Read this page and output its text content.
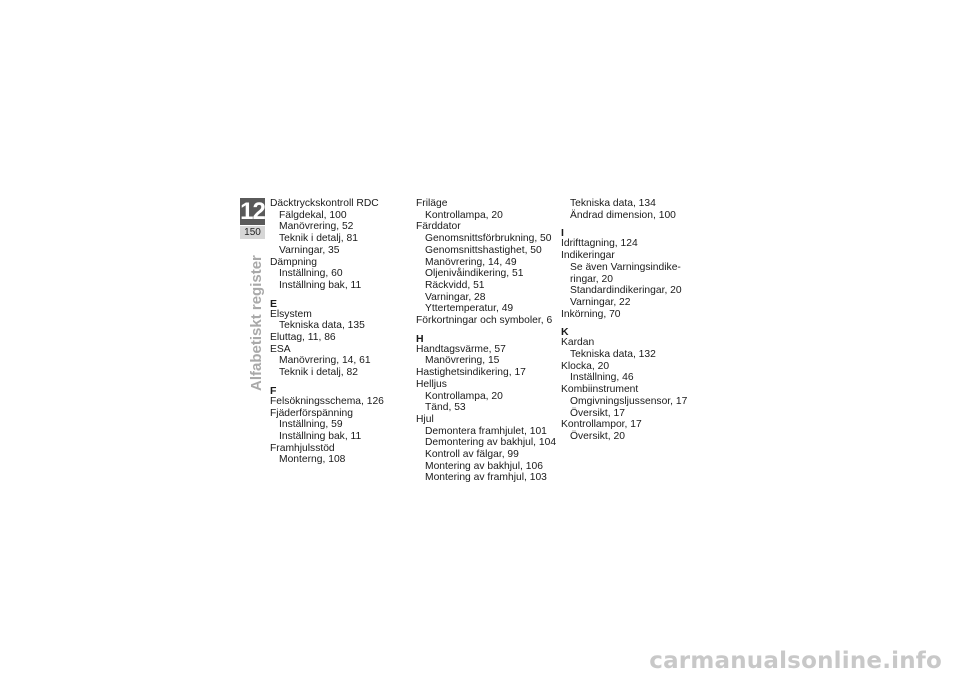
12
150
Alfabetiskt register
Däcktryckskontroll RDC
Fälgdekal, 100
Manövrering, 52
Teknik i detalj, 81
Varningar, 35
Dämpning
Inställning, 60
Inställning bak, 11
E
Elsystem
Tekniska data, 135
Eluttag, 11, 86
ESA
Manövrering, 14, 61
Teknik i detalj, 82
F
Felsökningsschema, 126
Fjäderförspänning
Inställning, 59
Inställning bak, 11
Framhjulsstöd
Monterng, 108
Friläge
Kontrollampa, 20
Färddator
Genomsnittsförbrukning, 50
Genomsnittshastighet, 50
Manövrering, 14, 49
Oljenivåindikering, 51
Räckvidd, 51
Varningar, 28
Yttertemperatur, 49
Förkortningar och symboler, 6
H
Handtagsvärme, 57
Manövrering, 15
Hastighetsindikering, 17
Helljus
Kontrollampa, 20
Tänd, 53
Hjul
Demontera framhjulet, 101
Demontering av bakhjul, 104
Kontroll av fälgar, 99
Montering av bakhjul, 106
Montering av framhjul, 103
Tekniska data, 134
Ändrad dimension, 100
I
Idrifttagning, 124
Indikeringar
Se även Varningsindike-
ringar, 20
Standardindikeringar, 20
Varningar, 22
Inkörning, 70
K
Kardan
Tekniska data, 132
Klocka, 20
Inställning, 46
Kombiinstrument
Omgivningsljussensor, 17
Översikt, 17
Kontrollampor, 17
Översikt, 20
carmanualsonline.info
